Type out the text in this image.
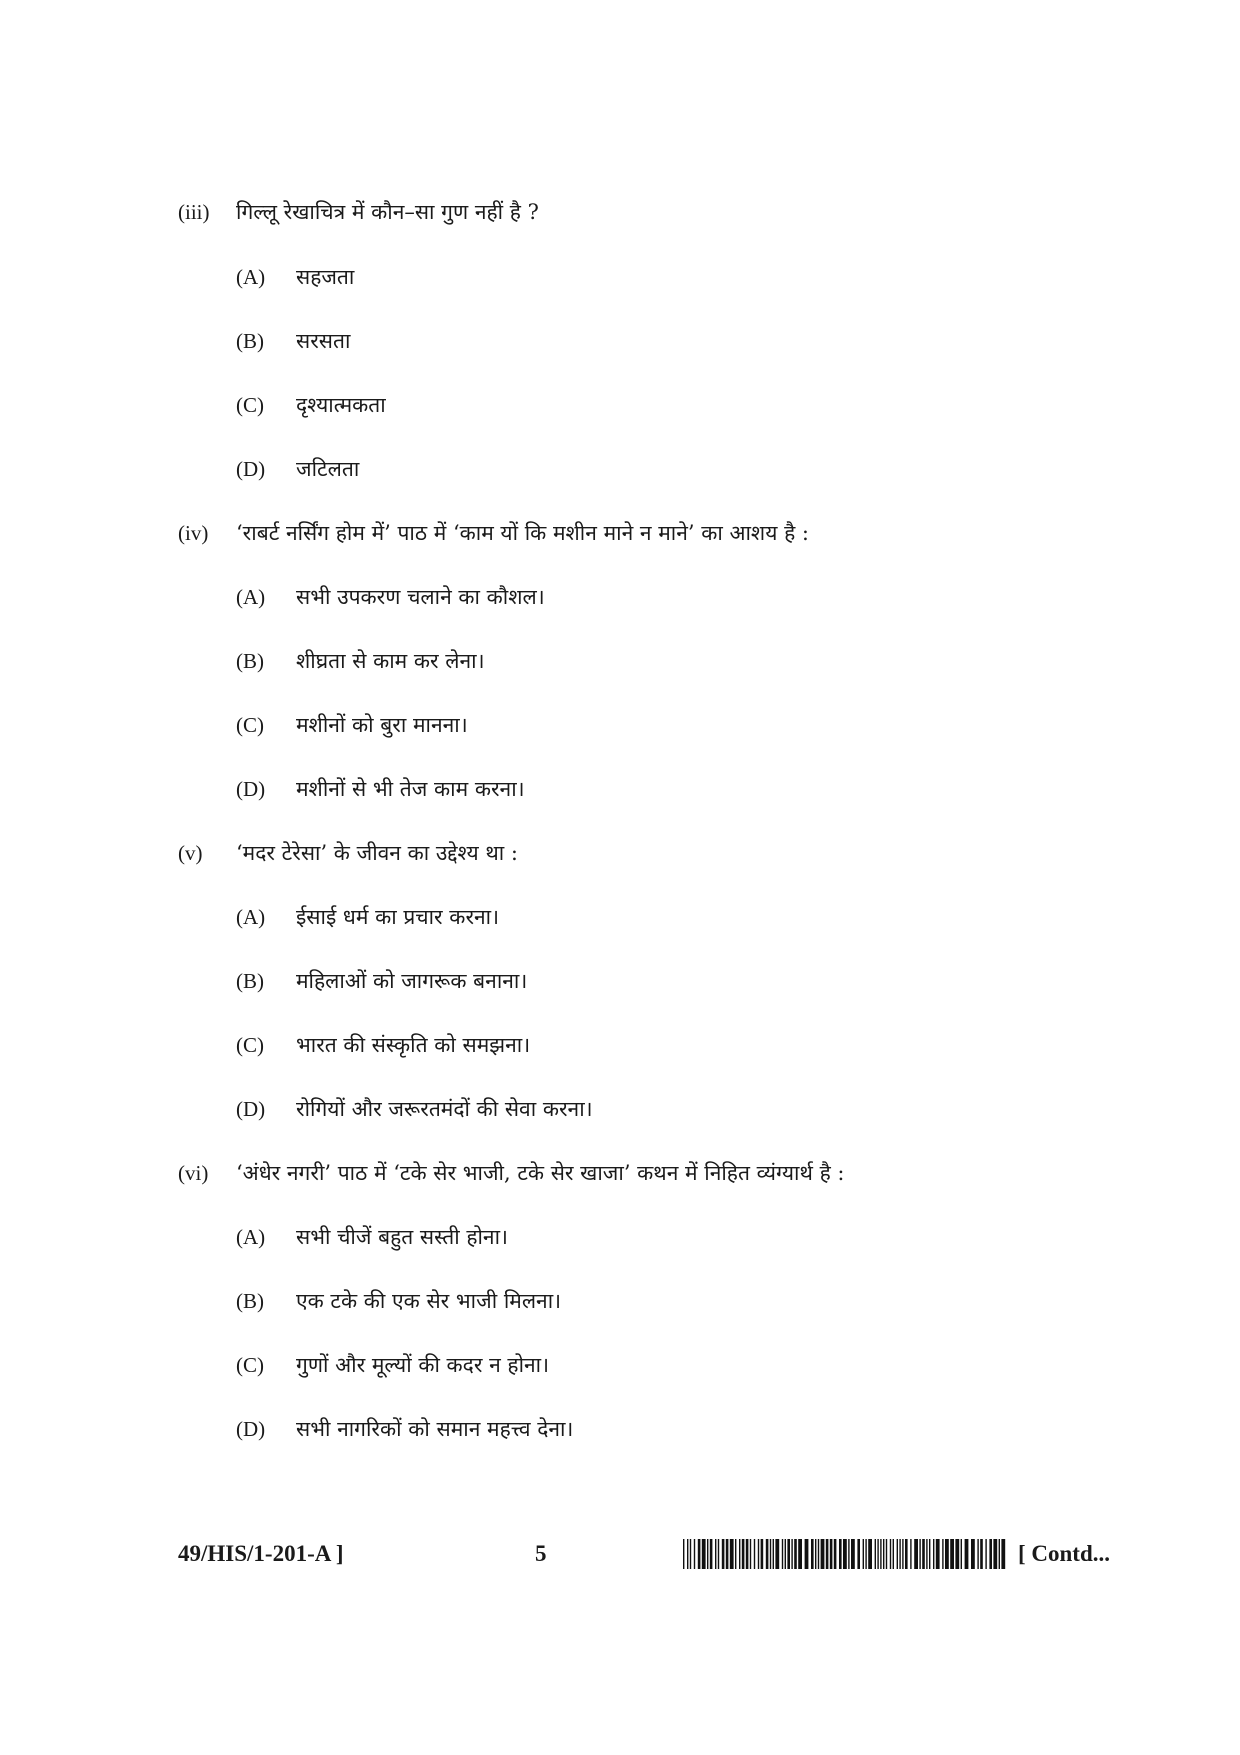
(iii) गिल्लू रेखाचित्र में कौन–सा गुण नहीं है ?
(A) सहजता
(B) सरसता
(C) दृश्यात्मकता
(D) जटिलता
(iv) ‘राबर्ट नर्सिंग होम में’ पाठ में ‘काम यों कि मशीन माने न माने’ का आशय है :
(A) सभी उपकरण चलाने का कौशल।
(B) शीघ्रता से काम कर लेना।
(C) मशीनों को बुरा मानना।
(D) मशीनों से भी तेज काम करना।
(v) ‘मदर टेरेसा’ के जीवन का उद्देश्य था :
(A) ईसाई धर्म का प्रचार करना।
(B) महिलाओं को जागरूक बनाना।
(C) भारत की संस्कृति को समझना।
(D) रोगियों और जरूरतमंदों की सेवा करना।
(vi) ‘अंधेर नगरी’ पाठ में ‘टके सेर भाजी, टके सेर खाजा’ कथन में निहित व्यंग्यार्थ है :
(A) सभी चीजें बहुत सस्ती होना।
(B) एक टके की एक सेर भाजी मिलना।
(C) गुणों और मूल्यों की कदर न होना।
(D) सभी नागरिकों को समान महत्त्व देना।
49/HIS/1-201-A ]	5	[ Contd...
